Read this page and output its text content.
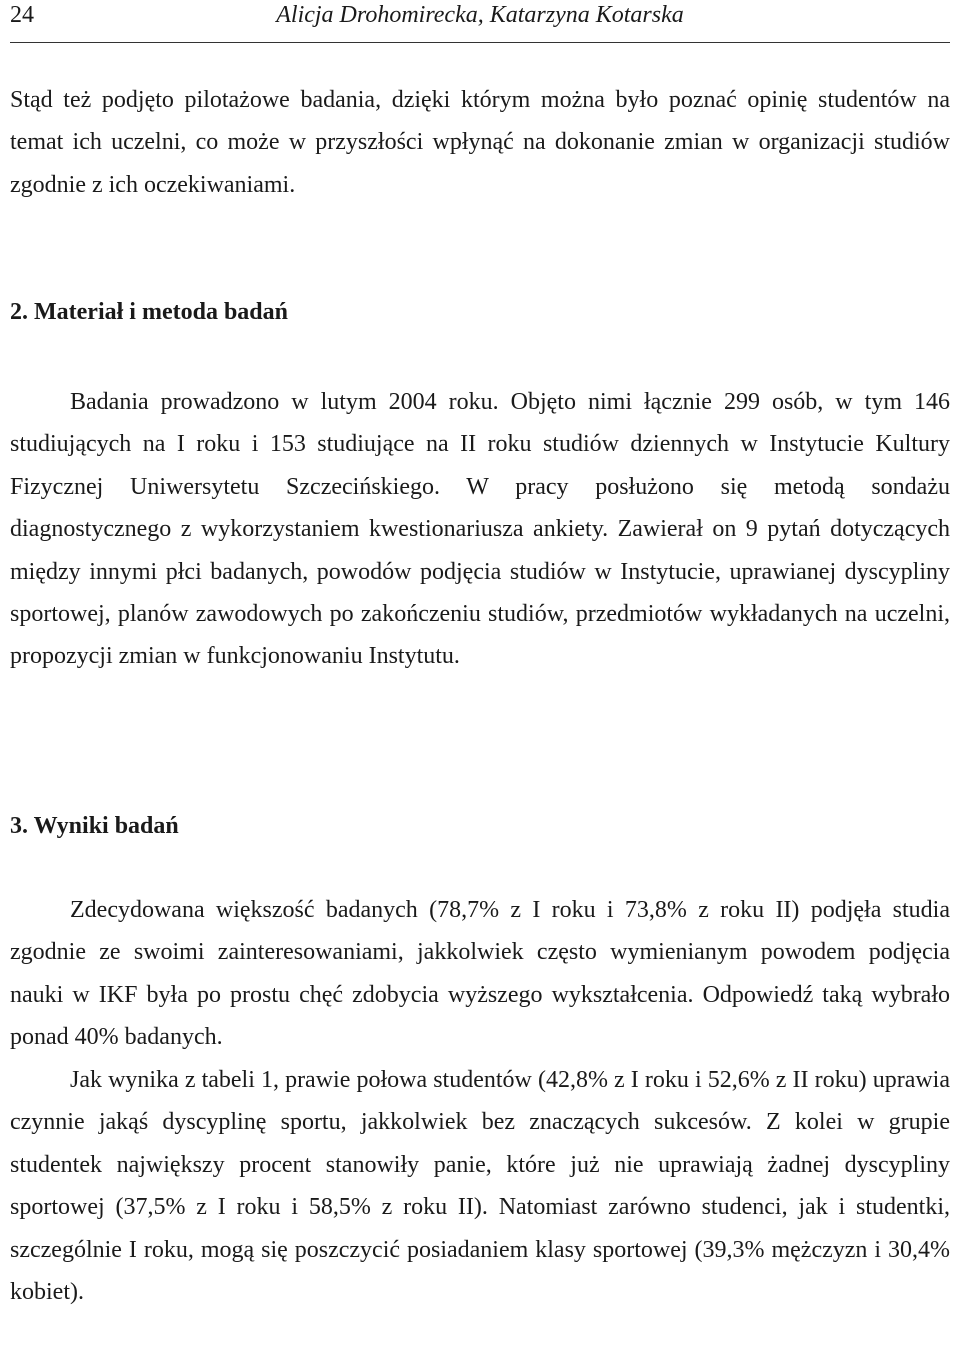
24	Alicja Drohomirecka, Katarzyna Kotarska

Stąd też podjęto pilotażowe badania, dzięki którym można było poznać opinię studentów na temat ich uczelni, co może w przyszłości wpłynąć na dokonanie zmian w organizacji studiów zgodnie z ich oczekiwaniami.

2. Materiał i metoda badań

Badania prowadzono w lutym 2004 roku. Objęto nimi łącznie 299 osób, w tym 146 studiujących na I roku i 153 studiujące na II roku studiów dziennych w Instytucie Kultury Fizycznej Uniwersytetu Szczecińskiego. W pracy posłużono się metodą sondażu diagnostycznego z wykorzystaniem kwestionariusza ankiety. Zawierał on 9 pytań dotyczących między innymi płci badanych, powodów podjęcia studiów w Instytucie, uprawianej dyscypliny sportowej, planów zawodowych po zakończeniu studiów, przedmiotów wykładanych na uczelni, propozycji zmian w funkcjonowaniu Instytutu.

3. Wyniki badań

Zdecydowana większość badanych (78,7% z I roku i 73,8% z roku II) podjęła studia zgodnie ze swoimi zainteresowaniami, jakkolwiek często wymienianym powodem podjęcia nauki w IKF była po prostu chęć zdobycia wyższego wykształcenia. Odpowiedź taką wybrało ponad 40% badanych.

Jak wynika z tabeli 1, prawie połowa studentów (42,8% z I roku i 52,6% z II roku) uprawia czynnie jakąś dyscyplinę sportu, jakkolwiek bez znaczących sukcesów. Z kolei w grupie studentek największy procent stanowiły panie, które już nie uprawiają żadnej dyscypliny sportowej (37,5% z I roku i 58,5% z roku II). Natomiast zarówno studenci, jak i studentki, szczególnie I roku, mogą się poszczycić posiadaniem klasy sportowej (39,3% mężczyzn i 30,4% kobiet).
